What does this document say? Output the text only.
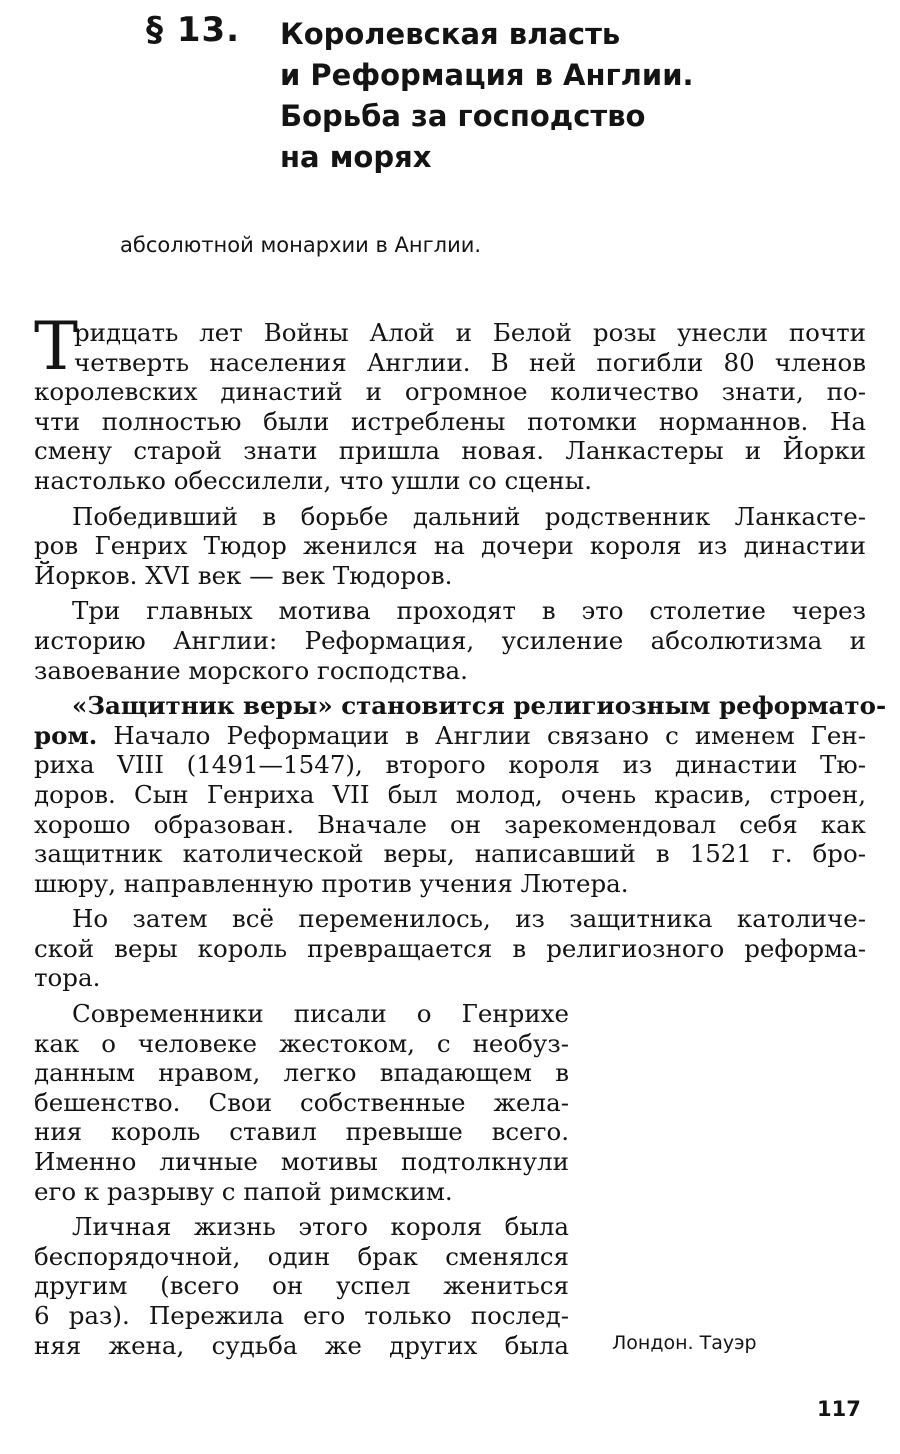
§ 13. Королевская власть
и Реформация в Англии.
Борьба за господство
на морях
абсолютной монархии в Англии.

Т
ридцать лет Войны Алой и Белой розы унесли почти
четверть населения Англии. В ней погибли 80 членов
королевских династий и огромное количество знати, по-
чти полностью были истреблены потомки норманнов. На
смену старой знати пришла новая. Ланкастеры и Йорки
настолько обессилели, что ушли со сцены.

Победивший в борьбе дальний родственник Ланкасте-
ров Генрих Тюдор женился на дочери короля из династии
Йорков. XVI век — век Тюдоров.

Три главных мотива проходят в это столетие через
историю Англии: Реформация, усиление абсолютизма и
завоевание морского господства.

«Защитник веры» становится религиозным реформато-
ром. Начало Реформации в Англии связано с именем Ген-
риха VIII (1491—1547), второго короля из династии Тю-
доров. Сын Генриха VII был молод, очень красив, строен,
хорошо образован. Вначале он зарекомендовал себя как
защитник католической веры, написавший в 1521 г. бро-
шюру, направленную против учения Лютера.

Но затем всё переменилось, из защитника католиче-
ской веры король превращается в религиозного реформа-
тора.

Современники писали о Генрихе
как о человеке жестоком, с необуз-
данным нравом, легко впадающем в
бешенство. Свои собственные жела-
ния король ставил превыше всего.
Именно личные мотивы подтолкнули
его к разрыву с папой римским.

Личная жизнь этого короля была
беспорядочной, один брак сменялся
другим (всего он успел жениться
6 раз). Пережила его только послед-
няя жена, судьба же других была Лондон. Тауэр
117
